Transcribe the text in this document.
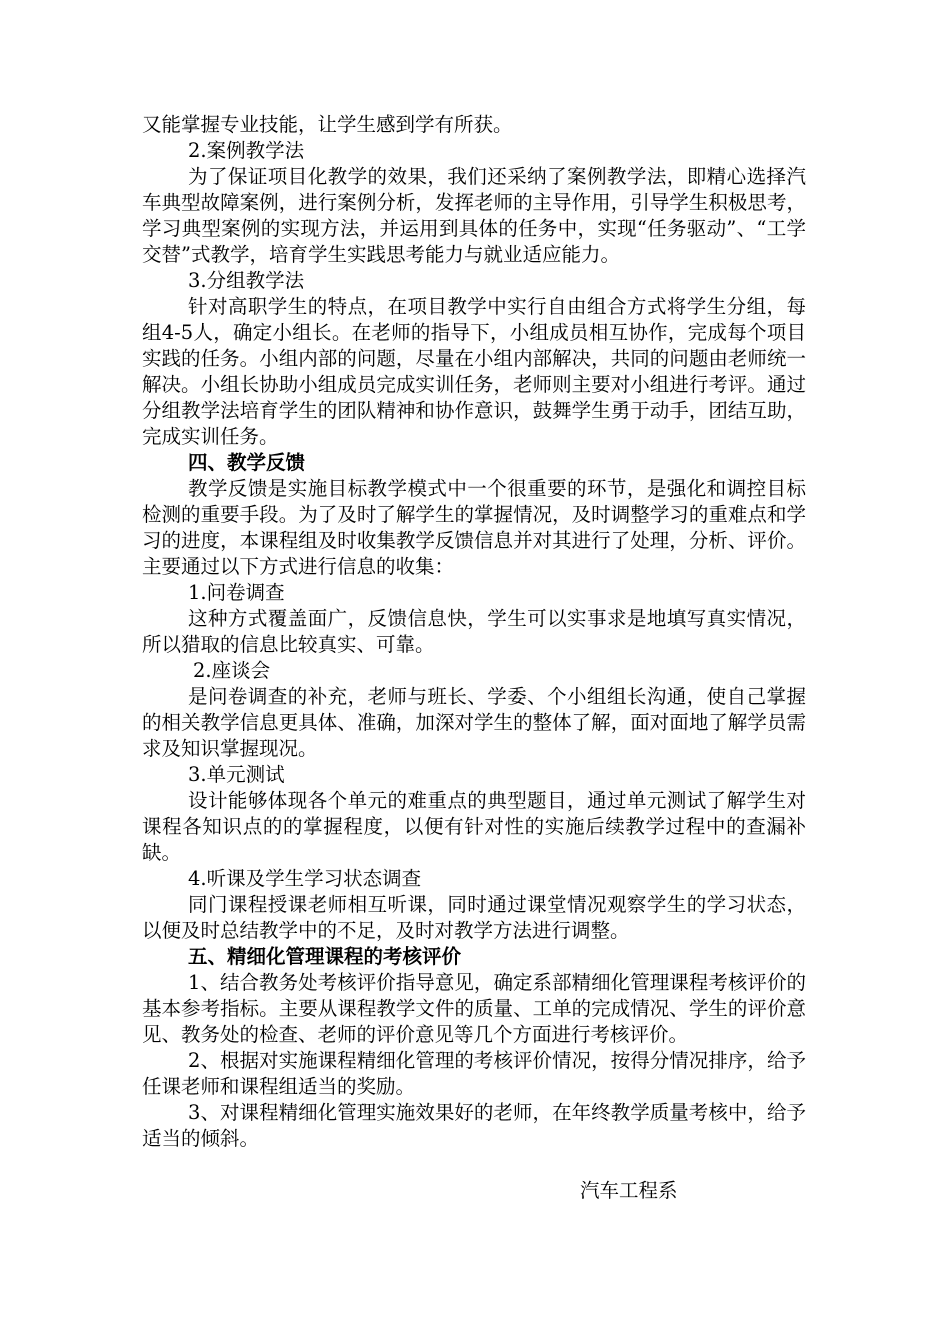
又能掌握专业技能，让学生感到学有所获。

2.案例教学法

为了保证项目化教学的效果，我们还采纳了案例教学法，即精心选择汽车典型故障案例，进行案例分析，发挥老师的主导作用，引导学生积极思考，学习典型案例的实现方法，并运用到具体的任务中，实现“任务驱动”、“工学交替”式教学，培育学生实践思考能力与就业适应能力。

3.分组教学法

针对高职学生的特点，在项目教学中实行自由组合方式将学生分组，每组4-5人，确定小组长。在老师的指导下，小组成员相互协作，完成每个项目实践的任务。小组内部的问题，尽量在小组内部解决，共同的问题由老师统一解决。小组长协助小组成员完成实训任务，老师则主要对小组进行考评。通过分组教学法培育学生的团队精神和协作意识，鼓舞学生勇于动手，团结互助，完成实训任务。

四、教学反馈

教学反馈是实施目标教学模式中一个很重要的环节，是强化和调控目标检测的重要手段。为了及时了解学生的掌握情况，及时调整学习的重难点和学习的进度，本课程组及时收集教学反馈信息并对其进行了处理，分析、评价。主要通过以下方式进行信息的收集：

1.问卷调查

这种方式覆盖面广，反馈信息快，学生可以实事求是地填写真实情况，所以猎取的信息比较真实、可靠。

2.座谈会

是问卷调查的补充，老师与班长、学委、个小组组长沟通，使自己掌握的相关教学信息更具体、准确，加深对学生的整体了解，面对面地了解学员需求及知识掌握现况。

3.单元测试

设计能够体现各个单元的难重点的典型题目，通过单元测试了解学生对课程各知识点的的掌握程度，以便有针对性的实施后续教学过程中的查漏补缺。

4.听课及学生学习状态调查

同门课程授课老师相互听课，同时通过课堂情况观察学生的学习状态，以便及时总结教学中的不足，及时对教学方法进行调整。

五、精细化管理课程的考核评价

1、结合教务处考核评价指导意见，确定系部精细化管理课程考核评价的基本参考指标。主要从课程教学文件的质量、工单的完成情况、学生的评价意见、教务处的检查、老师的评价意见等几个方面进行考核评价。

2、根据对实施课程精细化管理的考核评价情况，按得分情况排序，给予任课老师和课程组适当的奖励。

3、对课程精细化管理实施效果好的老师，在年终教学质量考核中，给予适当的倾斜。

汽车工程系
